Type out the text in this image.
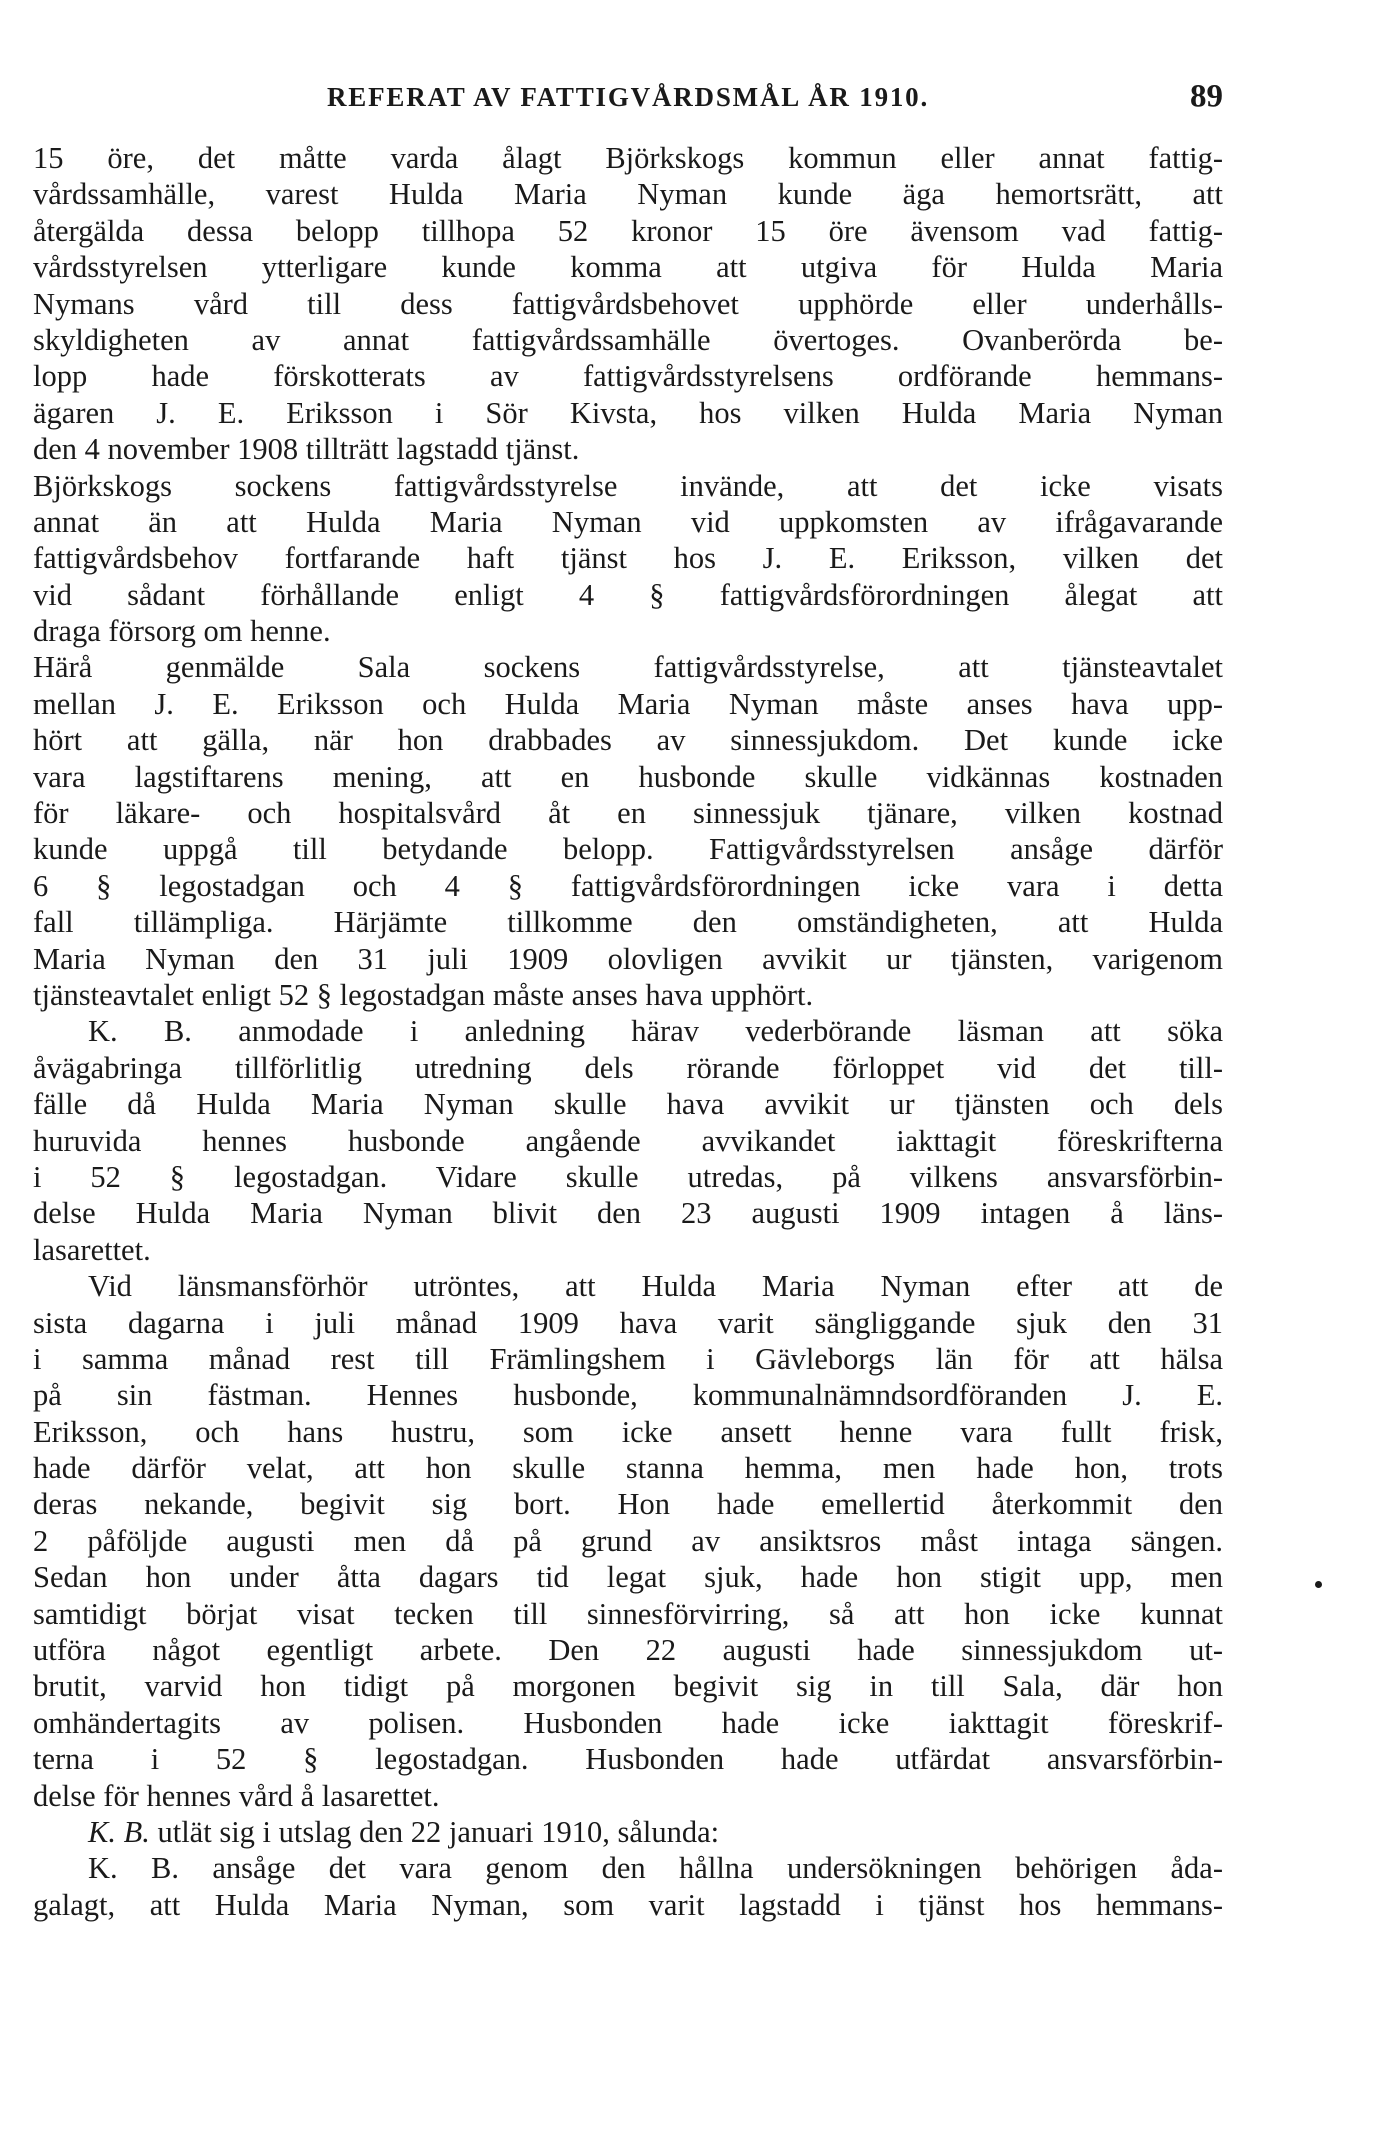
REFERAT AV FATTIGVÅRDSMÅL ÅR 1910.	89
15 öre, det måtte varda ålagt Björkskogs kommun eller annat fattig-
vårdssamhälle, varest Hulda Maria Nyman kunde äga hemortsrätt, att
återgälda dessa belopp tillhopa 52 kronor 15 öre ävensom vad fattig-
vårdsstyrelsen ytterligare kunde komma att utgiva för Hulda Maria
Nymans vård till dess fattigvårdsbehovet upphörde eller underhålls-
skyldigheten av annat fattigvårdssamhälle övertoges. Ovanberörda be-
lopp hade förskotterats av fattigvårdsstyrelsens ordförande hemmans-
ägaren J. E. Eriksson i Sör Kivsta, hos vilken Hulda Maria Nyman
den 4 november 1908 tillträtt lagstadd tjänst.
Björkskogs sockens fattigvårdsstyrelse invände, att det icke visats
annat än att Hulda Maria Nyman vid uppkomsten av ifrågavarande
fattigvårdsbehov fortfarande haft tjänst hos J. E. Eriksson, vilken det
vid sådant förhållande enligt 4 § fattigvårdsförordningen ålegat att
draga försorg om henne.
Härå genmälde Sala sockens fattigvårdsstyrelse, att tjänsteavtalet
mellan J. E. Eriksson och Hulda Maria Nyman måste anses hava upp-
hört att gälla, när hon drabbades av sinnessjukdom. Det kunde icke
vara lagstiftarens mening, att en husbonde skulle vidkännas kostnaden
för läkare- och hospitalsvård åt en sinnessjuk tjänare, vilken kostnad
kunde uppgå till betydande belopp. Fattigvårdsstyrelsen ansåge därför
6 § legostadgan och 4 § fattigvårdsförordningen icke vara i detta
fall tillämpliga. Härjämte tillkomme den omständigheten, att Hulda
Maria Nyman den 31 juli 1909 olovligen avvikit ur tjänsten, varigenom
tjänsteavtalet enligt 52 § legostadgan måste anses hava upphört.
K. B. anmodade i anledning härav vederbörande läsman att söka
åvägabringa tillförlitlig utredning dels rörande förloppet vid det till-
fälle då Hulda Maria Nyman skulle hava avvikit ur tjänsten och dels
huruvida hennes husbonde angående avvikandet iakttagit föreskrifterna
i 52 § legostadgan. Vidare skulle utredas, på vilkens ansvarsförbin-
delse Hulda Maria Nyman blivit den 23 augusti 1909 intagen å läns-
lasarettet.
Vid länsmansförhör utröntes, att Hulda Maria Nyman efter att de
sista dagarna i juli månad 1909 hava varit sängliggande sjuk den 31
i samma månad rest till Främlingshem i Gävleborgs län för att hälsa
på sin fästman. Hennes husbonde, kommunalnämndsordföranden J. E.
Eriksson, och hans hustru, som icke ansett henne vara fullt frisk,
hade därför velat, att hon skulle stanna hemma, men hade hon, trots
deras nekande, begivit sig bort. Hon hade emellertid återkommit den
2 påföljde augusti men då på grund av ansiktsros måst intaga sängen.
Sedan hon under åtta dagars tid legat sjuk, hade hon stigit upp, men
samtidigt börjat visat tecken till sinnesförvirring, så att hon icke kunnat
utföra något egentligt arbete. Den 22 augusti hade sinnessjukdom ut-
brutit, varvid hon tidigt på morgonen begivit sig in till Sala, där hon
omhändertagits av polisen. Husbonden hade icke iakttagit föreskrif-
terna i 52 § legostadgan. Husbonden hade utfärdat ansvarsförbin-
delse för hennes vård å lasarettet.
K. B. utlät sig i utslag den 22 januari 1910, sålunda:
K. B. ansåge det vara genom den hållna undersökningen behörigen åda-
galagt, att Hulda Maria Nyman, som varit lagstadd i tjänst hos hemmans-
